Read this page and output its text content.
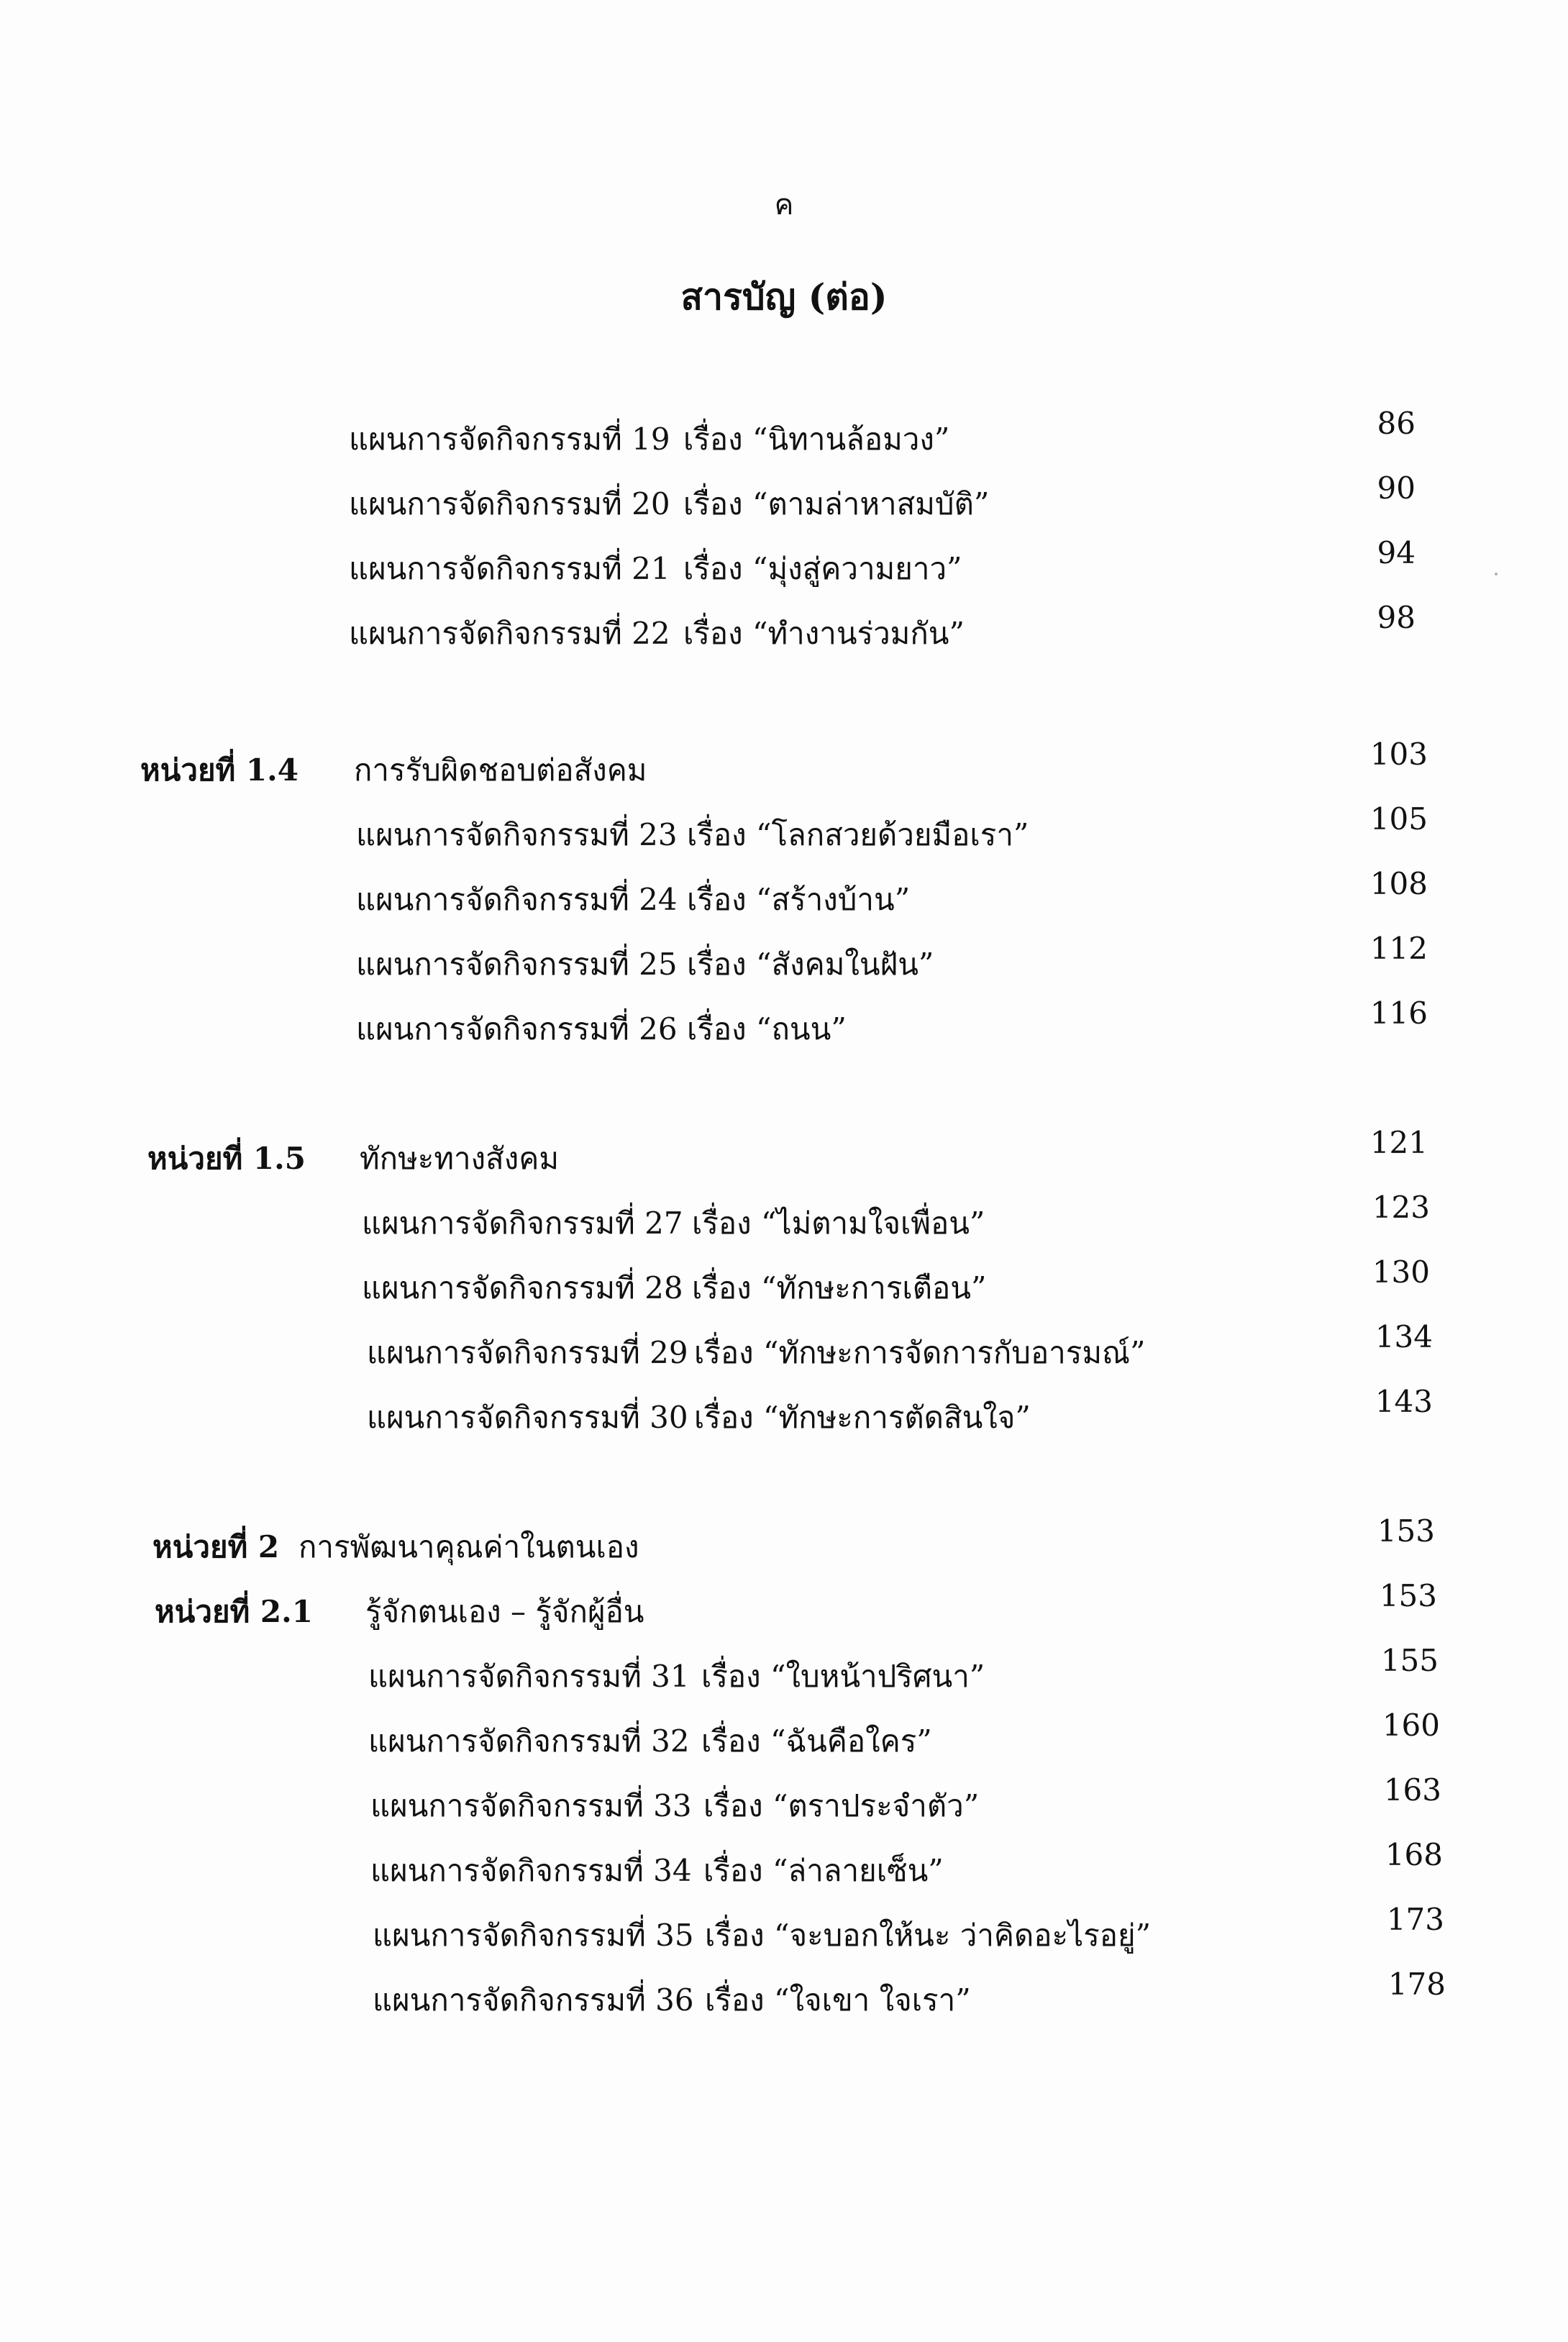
ค
สารบัญ (ต่อ)
แผนการจัดกิจกรรมที่ 19 เรื่อง “นิทานล้อมวง”	86
แผนการจัดกิจกรรมที่ 20 เรื่อง “ตามล่าหาสมบัติ”	90
แผนการจัดกิจกรรมที่ 21 เรื่อง “มุ่งสู่ความยาว”	94
แผนการจัดกิจกรรมที่ 22 เรื่อง “ทำงานร่วมกัน”	98
หน่วยที่ 1.4 การรับผิดชอบต่อสังคม	103
แผนการจัดกิจกรรมที่ 23 เรื่อง “โลกสวยด้วยมือเรา”	105
แผนการจัดกิจกรรมที่ 24 เรื่อง “สร้างบ้าน”	108
แผนการจัดกิจกรรมที่ 25 เรื่อง “สังคมในฝัน”	112
แผนการจัดกิจกรรมที่ 26 เรื่อง “ถนน”	116
หน่วยที่ 1.5 ทักษะทางสังคม	121
แผนการจัดกิจกรรมที่ 27 เรื่อง “ไม่ตามใจเพื่อน”	123
แผนการจัดกิจกรรมที่ 28 เรื่อง “ทักษะการเตือน”	130
แผนการจัดกิจกรรมที่ 29 เรื่อง “ทักษะการจัดการกับอารมณ์”	134
แผนการจัดกิจกรรมที่ 30 เรื่อง “ทักษะการตัดสินใจ”	143
หน่วยที่ 2 การพัฒนาคุณค่าในตนเอง	153
หน่วยที่ 2.1 รู้จักตนเอง – รู้จักผู้อื่น	153
แผนการจัดกิจกรรมที่ 31 เรื่อง “ใบหน้าปริศนา”	155
แผนการจัดกิจกรรมที่ 32 เรื่อง “ฉันคือใคร”	160
แผนการจัดกิจกรรมที่ 33 เรื่อง “ตราประจำตัว”	163
แผนการจัดกิจกรรมที่ 34 เรื่อง “ล่าลายเซ็น”	168
แผนการจัดกิจกรรมที่ 35 เรื่อง “จะบอกให้นะ ว่าคิดอะไรอยู่”	173
แผนการจัดกิจกรรมที่ 36 เรื่อง “ใจเขา ใจเรา”	178
